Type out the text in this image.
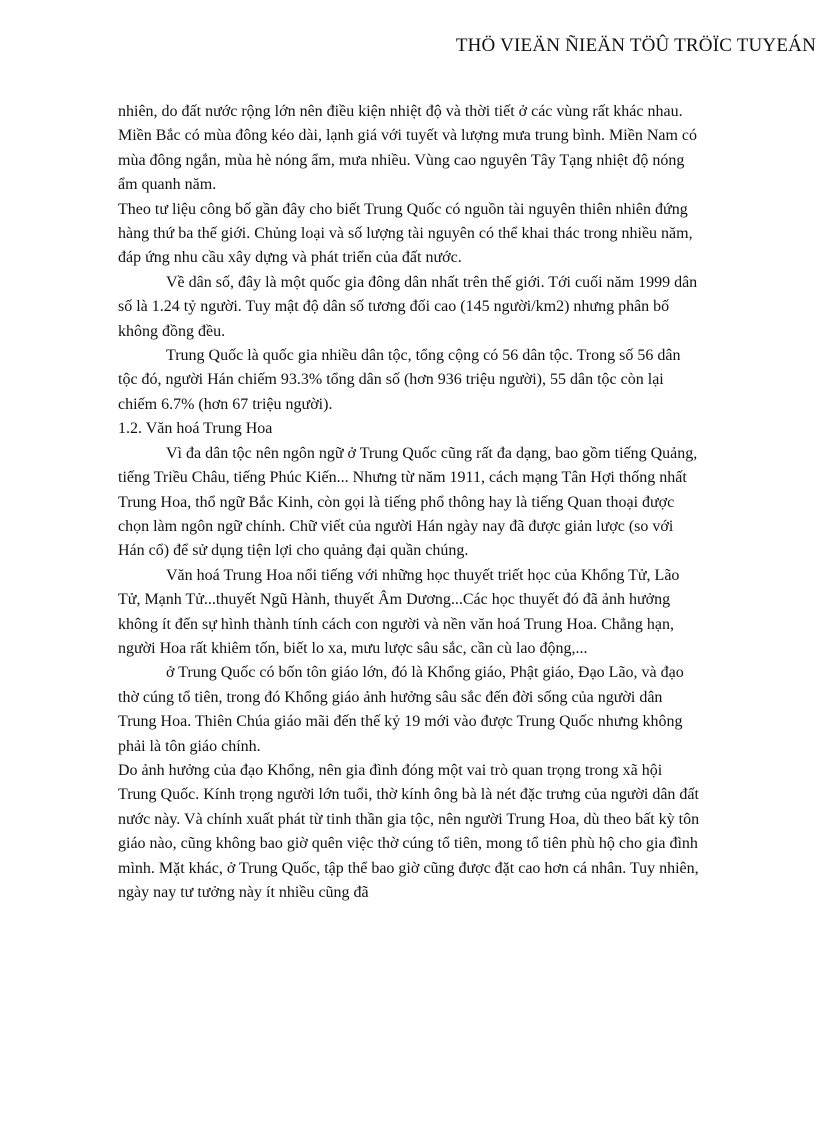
THÖ VIEÄN ÑIEÄN TÖÛ TRÖÏC TUYEÁN

nhiên, do đất nước rộng lớn nên điều kiện nhiệt độ và thời tiết ở các vùng rất khác nhau. Miền Bắc có mùa đông kéo dài, lạnh giá với tuyết và lượng mưa trung bình. Miền Nam có mùa đông ngắn, mùa hè nóng ẩm, mưa nhiều. Vùng cao nguyên Tây Tạng nhiệt độ nóng ẩm quanh năm.

Theo tư liệu công bố gần đây cho biết Trung Quốc có nguồn tài nguyên thiên nhiên đứng hàng thứ ba thế giới. Chủng loại và số lượng tài nguyên có thể khai thác trong nhiều năm, đáp ứng nhu cầu xây dựng và phát triển của đất nước.

Về dân số, đây là một quốc gia đông dân nhất trên thế giới. Tới cuối năm 1999 dân số là 1.24 tỷ người. Tuy mật độ dân số tương đối cao (145 người/km2) nhưng phân bố không đồng đều.

Trung Quốc là quốc gia nhiều dân tộc, tổng cộng có 56 dân tộc. Trong số 56 dân tộc đó, người Hán chiếm 93.3% tổng dân số (hơn 936 triệu người), 55 dân tộc còn lại chiếm 6.7% (hơn 67 triệu người).

1.2. Văn hoá Trung Hoa

Vì đa dân tộc nên ngôn ngữ ở Trung Quốc cũng rất đa dạng, bao gồm tiếng Quảng, tiếng Triều Châu, tiếng Phúc Kiến... Nhưng từ năm 1911, cách mạng Tân Hợi thống nhất Trung Hoa, thổ ngữ Bắc Kinh, còn gọi là tiếng phổ thông hay là tiếng Quan thoại được chọn làm ngôn ngữ chính. Chữ viết của người Hán ngày nay đã được giản lược (so với Hán cổ) để sử dụng tiện lợi cho quảng đại quần chúng.

Văn hoá Trung Hoa nổi tiếng với những học thuyết triết học của Khổng Tử, Lão Tử, Mạnh Tử...thuyết Ngũ Hành, thuyết Âm Dương...Các học thuyết đó đã ảnh hưởng không ít đến sự hình thành tính cách con người và nền văn hoá Trung Hoa. Chẳng hạn, người Hoa rất khiêm tốn, biết lo xa, mưu lược sâu sắc, cần cù lao động,...

ở Trung Quốc có bốn tôn giáo lớn, đó là Khổng giáo, Phật giáo, Đạo Lão, và đạo thờ cúng tổ tiên, trong đó Khổng giáo ảnh hưởng sâu sắc đến đời sống của người dân Trung Hoa. Thiên Chúa giáo mãi đến thế kỷ 19 mới vào được Trung Quốc nhưng không phải là tôn giáo chính.

Do ảnh hưởng của đạo Khổng, nên gia đình đóng một vai trò quan trọng trong xã hội Trung Quốc. Kính trọng người lớn tuổi, thờ kính ông bà là nét đặc trưng của người dân đất nước này. Và chính xuất phát từ tinh thần gia tộc, nên người Trung Hoa, dù theo bất kỳ tôn giáo nào, cũng không bao giờ quên việc thờ cúng tổ tiên, mong tổ tiên phù hộ cho gia đình mình. Mặt khác, ở Trung Quốc, tập thể bao giờ cũng được đặt cao hơn cá nhân. Tuy nhiên, ngày nay tư tưởng này ít nhiều cũng đã
